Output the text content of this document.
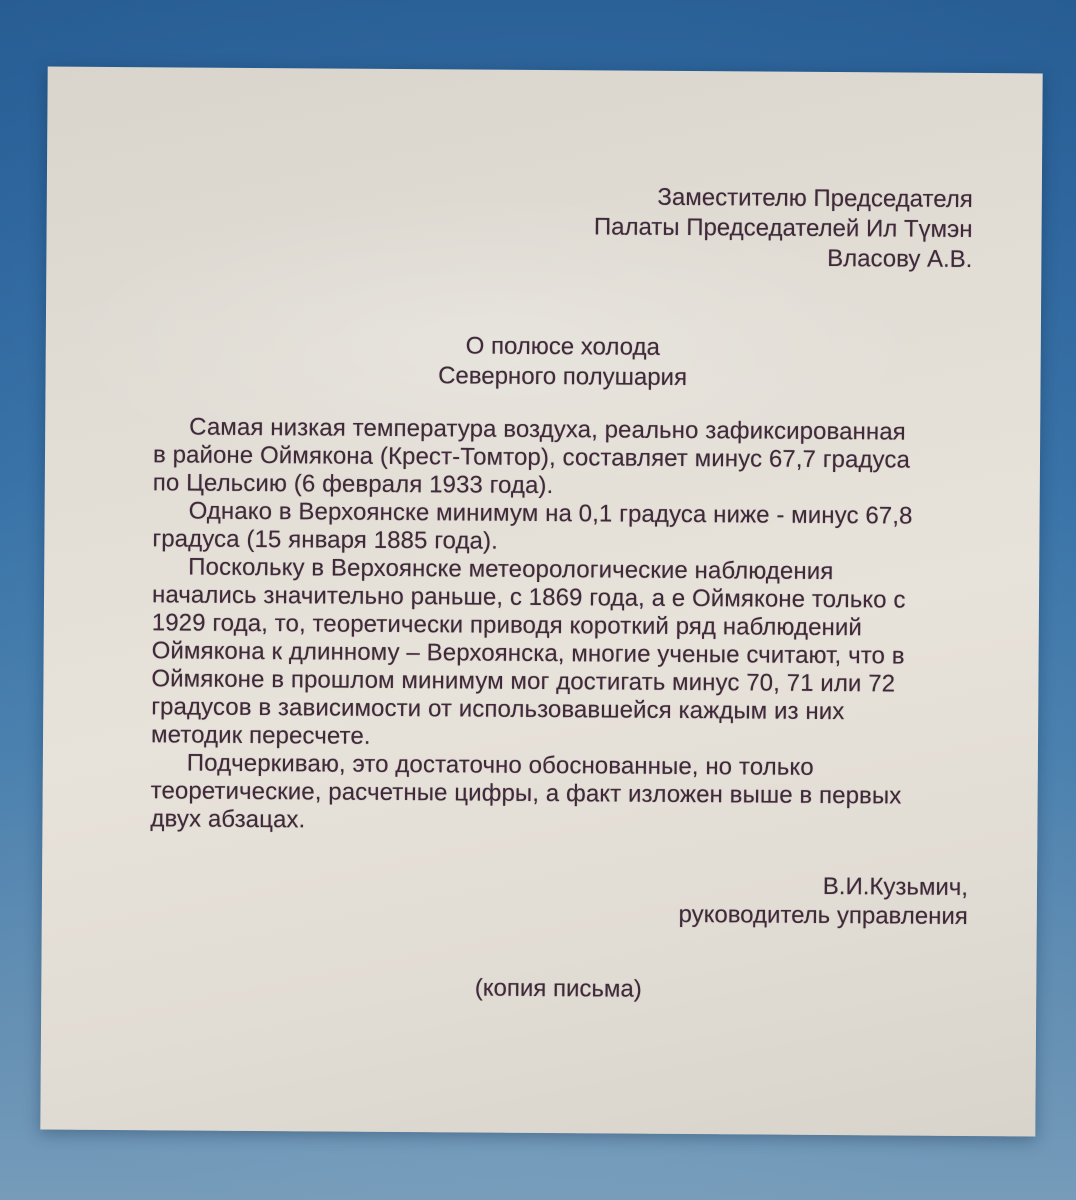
Заместителю Председателя
Палаты Председателей Ил Түмэн
Власову А.В.
О полюсе холода
Северного полушария

Самая низкая температура воздуха, реально зафиксированная
в районе Оймякона (Крест-Томтор), составляет минус 67,7 градуса
по Цельсию (6 февраля 1933 года).

Однако в Верхоянске минимум на 0,1 градуса ниже - минус 67,8
градуса (15 января 1885 года).

Поскольку в Верхоянске метеорологические наблюдения
начались значительно раньше, с 1869 года, а е Оймяконе только с
1929 года, то, теоретически приводя короткий ряд наблюдений
Оймякона к длинному – Верхоянска, многие ученые считают, что в
Оймяконе в прошлом минимум мог достигать минус 70, 71 или 72
градусов в зависимости от использовавшейся каждым из них
методик пересчете.

Подчеркиваю, это достаточно обоснованные, но только
теоретические, расчетные цифры, а факт изложен выше в первых
двух абзацах.

В.И.Кузьмич,
руководитель управления
(копия письма)
